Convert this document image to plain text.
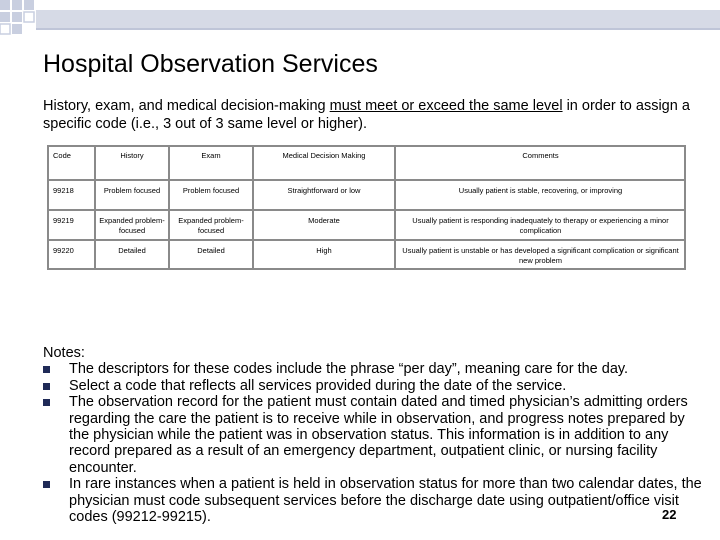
Hospital Observation Services
History, exam, and medical decision-making must meet or exceed the same level in order to assign a specific code (i.e., 3 out of 3 same level or higher).
Code	History	Exam	Medical Decision Making	Comments
99218	Problem focused	Problem focused	Straightforward or low	Usually patient is stable, recovering, or improving
99219	Expanded problem-focused	Expanded problem-focused	Moderate	Usually patient is responding inadequately to therapy or experiencing a minor complication
99220	Detailed	Detailed	High	Usually patient is unstable or has developed a significant complication or significant new problem
Notes:
The descriptors for these codes include the phrase “per day”, meaning care for the day.
Select a code that reflects all services provided during the date of the service.
The observation record for the patient must contain dated and timed physician’s admitting orders regarding the care the patient is to receive while in observation, and progress notes prepared by the physician while the patient was in observation status. This information is in addition to any record prepared as a result of an emergency department, outpatient clinic, or nursing facility encounter.
In rare instances when a patient is held in observation status for more than two calendar dates, the physician must code subsequent services before the discharge date using outpatient/office visit codes (99212-99215).	22
